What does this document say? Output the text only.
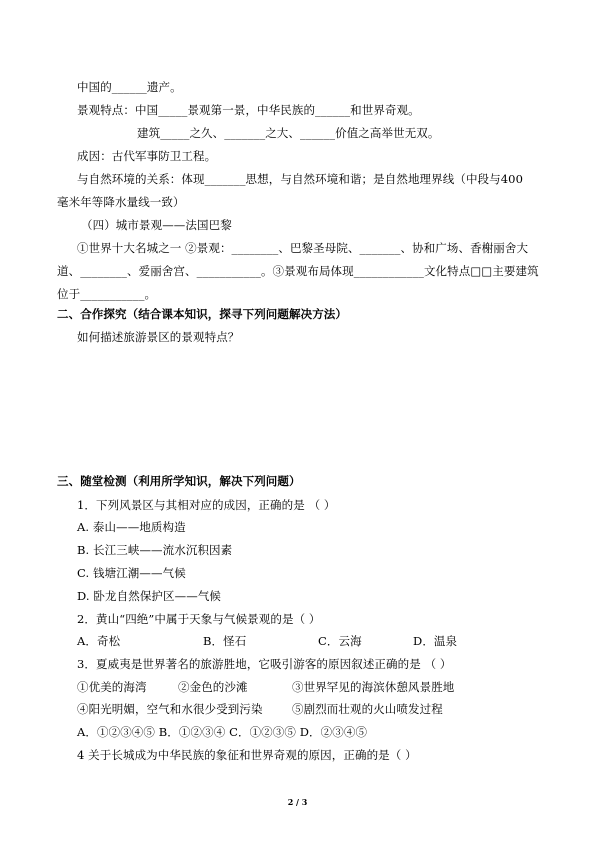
中国的______遗产。
景观特点：中国_____景观第一景，中华民族的______和世界奇观。
建筑_____之久、_______之大、______价值之高举世无双。
成因：古代军事防卫工程。
与自然环境的关系：体现_______思想，与自然环境和谐；是自然地理界线（中段与400
毫米年等降水量线一致）
（四）城市景观——法国巴黎
①世界十大名城之一 ②景观：________、巴黎圣母院、_______、协和广场、香榭丽舍大
道、________、爱丽舍宫、___________。③景观布局体现____________文化特点□□主要建筑
位于___________。
二、合作探究（结合课本知识，探寻下列问题解决方法）
如何描述旅游景区的景观特点？
三、随堂检测（利用所学知识，解决下列问题）
1．下列风景区与其相对应的成因，正确的是 （ ）
A. 泰山——地质构造
B. 长江三峡——流水沉积因素
C. 钱塘江潮——气候
D. 卧龙自然保护区——气候
2．黄山“四绝”中属于天象与气候景观的是（ ）
A．奇松	B．怪石	C．云海	D．温泉
3．夏威夷是世界著名的旅游胜地，它吸引游客的原因叙述正确的是 （ ）
①优美的海湾	②金色的沙滩	③世界罕见的海滨休憩风景胜地
④阳光明媚，空气和水很少受到污染	⑤剧烈而壮观的火山喷发过程
A．①②③④⑤ B．①②③④ C．①②③⑤ D．②③④⑤
4 关于长城成为中华民族的象征和世界奇观的原因，正确的是（ ）
2 / 3
